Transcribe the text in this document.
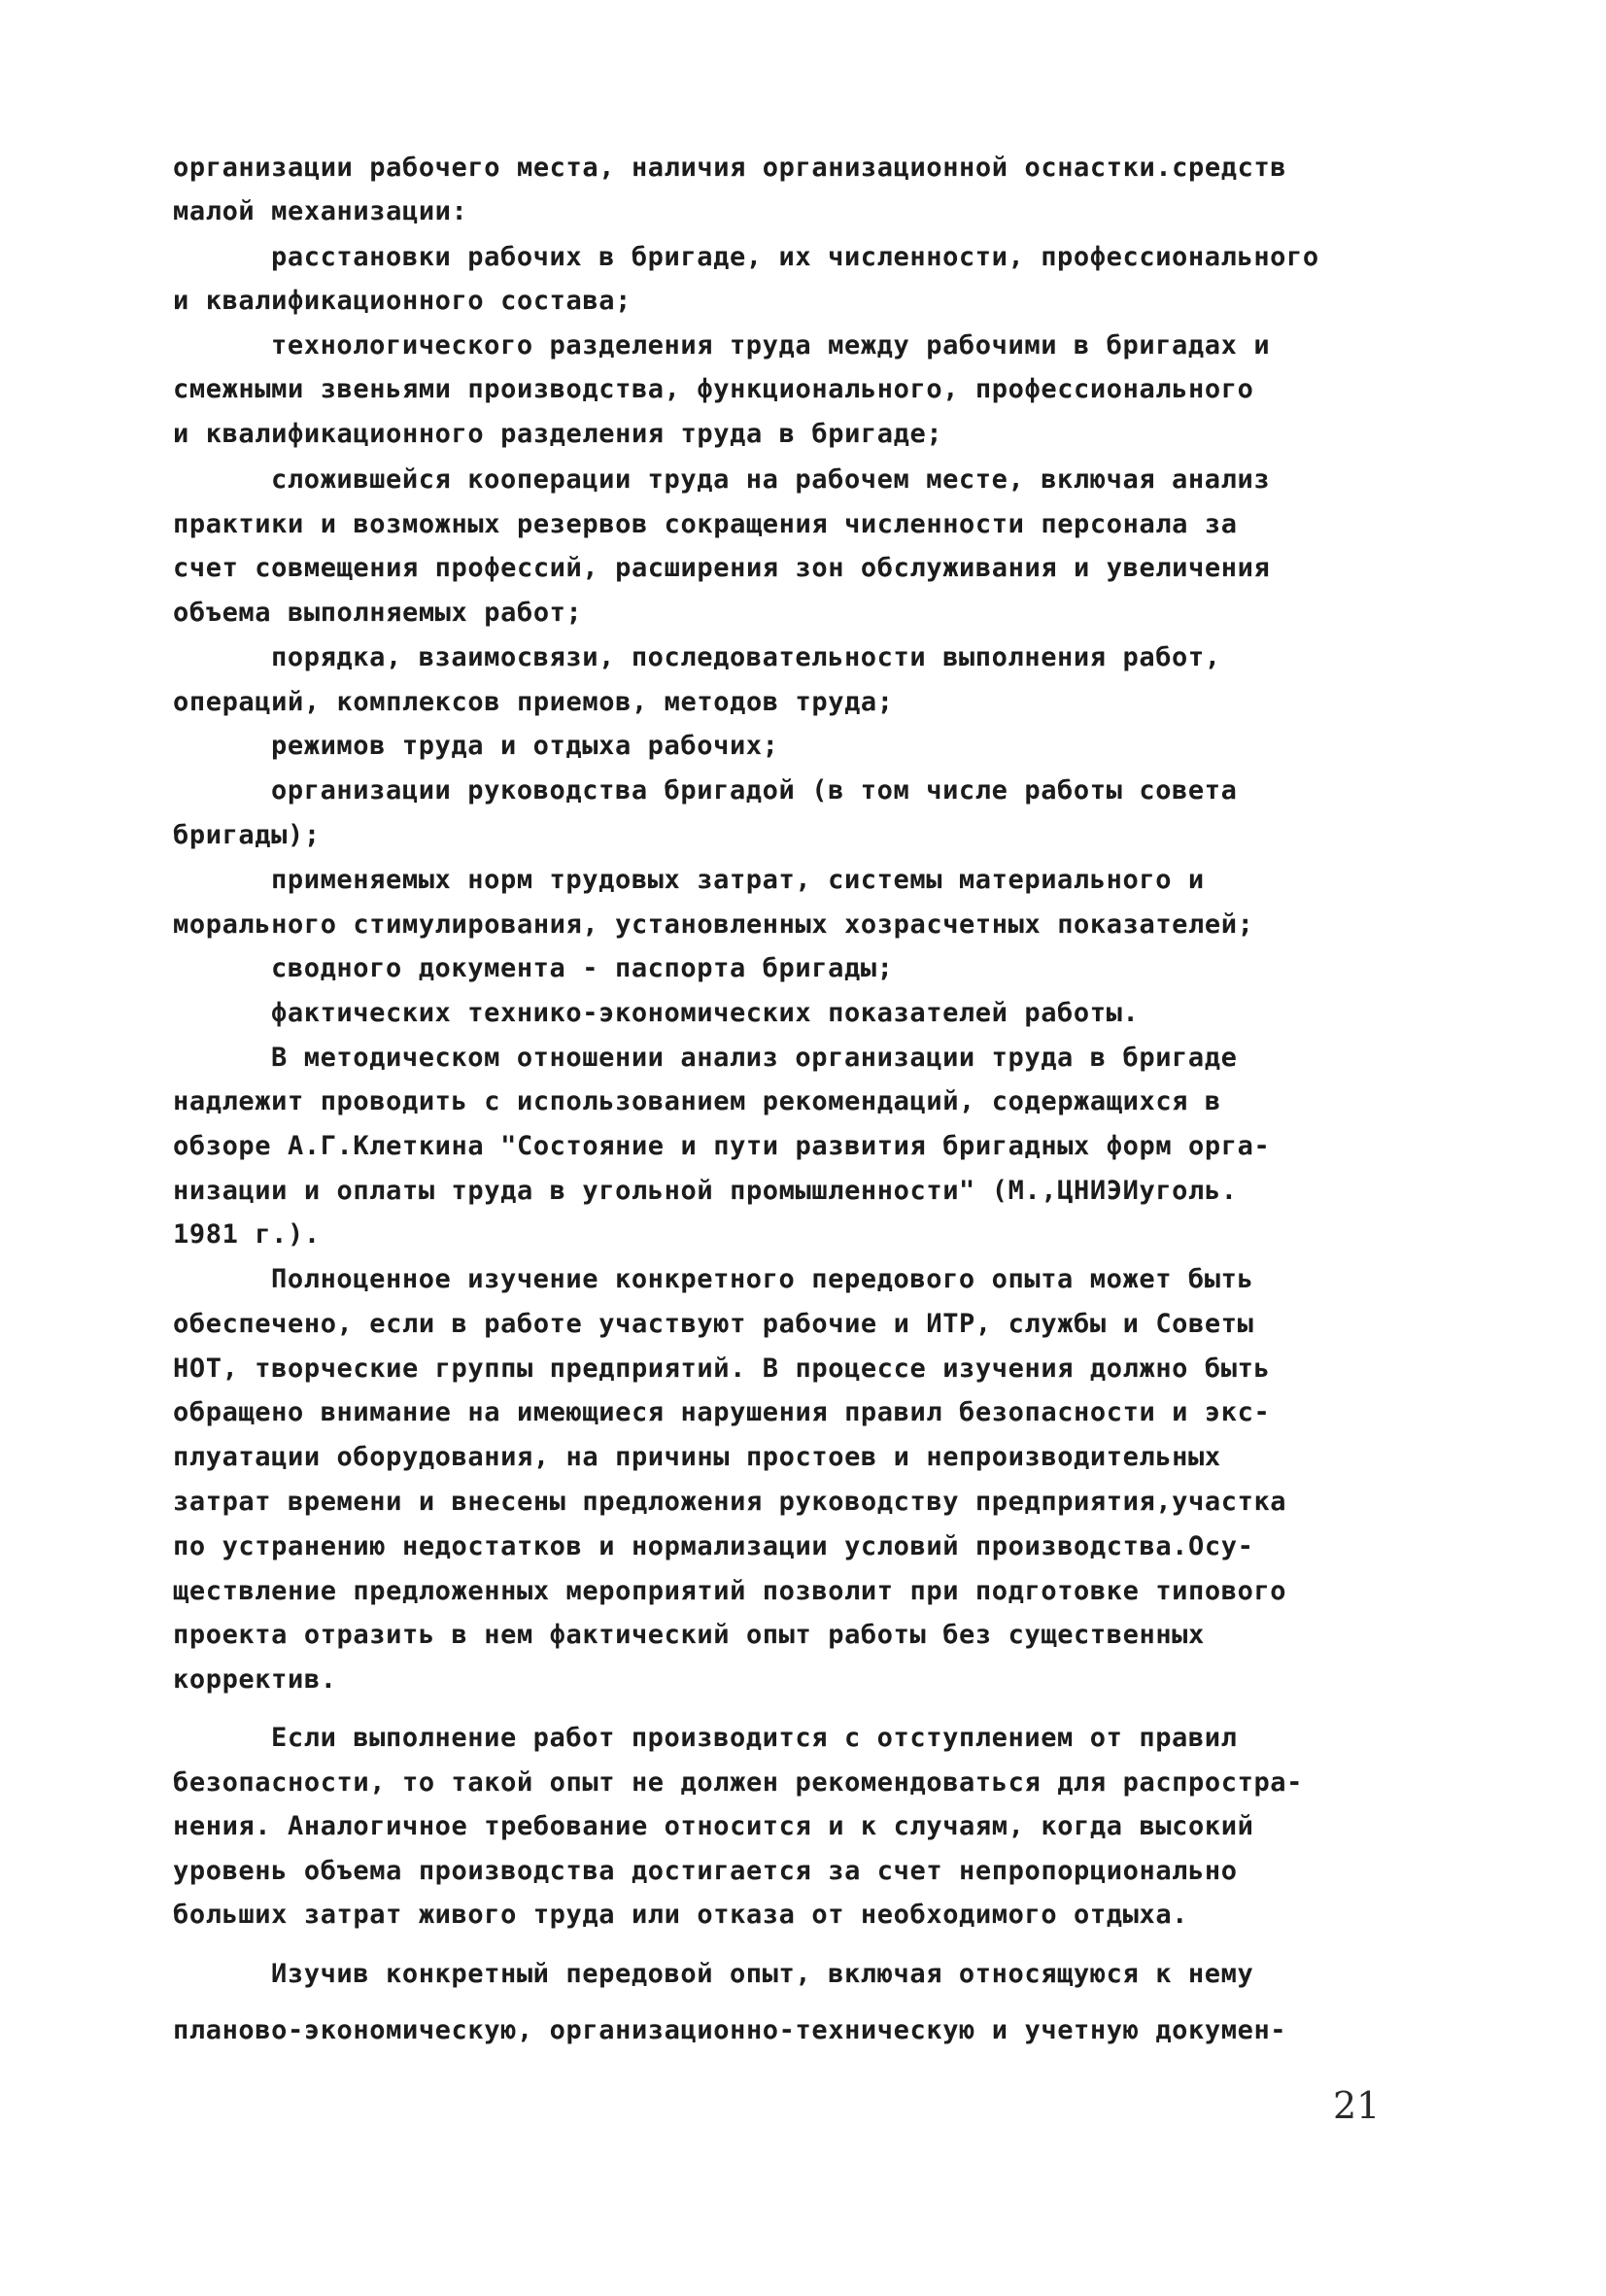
организации рабочего места, наличия организационной оснастки.средств
малой механизации:
расстановки рабочих в бригаде, их численности, профессионального
и квалификационного состава;
технологического разделения труда между рабочими в бригадах и
смежными звеньями производства, функционального, профессионального
и квалификационного разделения труда в бригаде;
сложившейся кооперации труда на рабочем месте, включая анализ
практики и возможных резервов сокращения численности персонала за
счет совмещения профессий, расширения зон обслуживания и увеличения
объема выполняемых работ;
порядка, взаимосвязи, последовательности выполнения работ,
операций, комплексов приемов, методов труда;
режимов труда и отдыха рабочих;
организации руководства бригадой (в том числе работы совета
бригады);
применяемых норм трудовых затрат, системы материального и
морального стимулирования, установленных хозрасчетных показателей;
сводного документа - паспорта бригады;
фактических технико-экономических показателей работы.
В методическом отношении анализ организации труда в бригаде
надлежит проводить с использованием рекомендаций, содержащихся в
обзоре А.Г.Клеткина "Состояние и пути развития бригадных форм орга-
низации и оплаты труда в угольной промышленности" (М.,ЦНИЭИуголь.
1981 г.).
Полноценное изучение конкретного передового опыта может быть
обеспечено, если в работе участвуют рабочие и ИТР, службы и Советы
НОТ, творческие группы предприятий. В процессе изучения должно быть
обращено внимание на имеющиеся нарушения правил безопасности и экс-
плуатации оборудования, на причины простоев и непроизводительных
затрат времени и внесены предложения руководству предприятия,участка
по устранению недостатков и нормализации условий производства.Осу-
ществление предложенных мероприятий позволит при подготовке типового
проекта отразить в нем фактический опыт работы без существенных
корректив.
Если выполнение работ производится с отступлением от правил
безопасности, то такой опыт не должен рекомендоваться для распростра-
нения. Аналогичное требование относится и к случаям, когда высокий
уровень объема производства достигается за счет непропорционально
больших затрат живого труда или отказа от необходимого отдыха.
Изучив конкретный передовой опыт, включая относящуюся к нему
планово-экономическую, организационно-техническую и учетную докумен-
21
